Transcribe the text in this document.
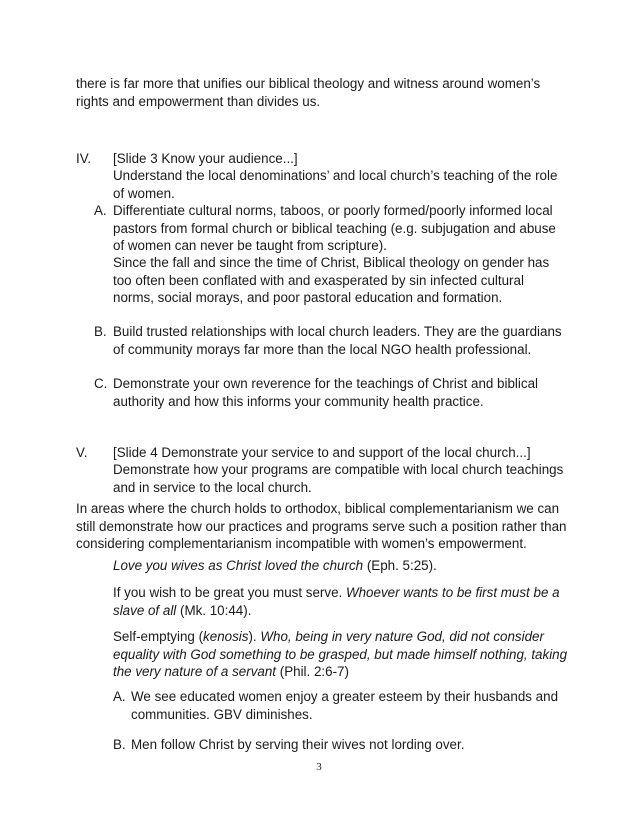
there is far more that unifies our biblical theology and witness around women’s rights and empowerment than divides us.

IV. [Slide 3 Know your audience...]

Understand the local denominations’ and local church’s teaching of the role of women.

A. Differentiate cultural norms, taboos, or poorly formed/poorly informed local pastors from formal church or biblical teaching (e.g. subjugation and abuse of women can never be taught from scripture).

Since the fall and since the time of Christ, Biblical theology on gender has too often been conflated with and exasperated by sin infected cultural norms, social morays, and poor pastoral education and formation.

B. Build trusted relationships with local church leaders. They are the guardians of community morays far more than the local NGO health professional.

Demonstrate your own reverence for the teachings of Christ and biblical authority and how this informs your community health practice.

C.
V. [Slide 4 Demonstrate your service to and support of the local church...]

Demonstrate how your programs are compatible with local church teachings and in service to the local church.

In areas where the church holds to orthodox, biblical complementarianism we can still demonstrate how our practices and programs serve such a position rather than considering complementarianism incompatible with women’s empowerment.

Love you wives as Christ loved the church (Eph. 5:25).

If you wish to be great you must serve. Whoever wants to be first must be a slave of all (Mk. 10:44).

Self-emptying (kenosis). Who, being in very nature God, did not consider equality with God something to be grasped, but made himself nothing, taking the very nature of a servant (Phil. 2:6-7)

A. We see educated women enjoy a greater esteem by their husbands and communities. GBV diminishes.

B. Men follow Christ by serving their wives not lording over.

3
